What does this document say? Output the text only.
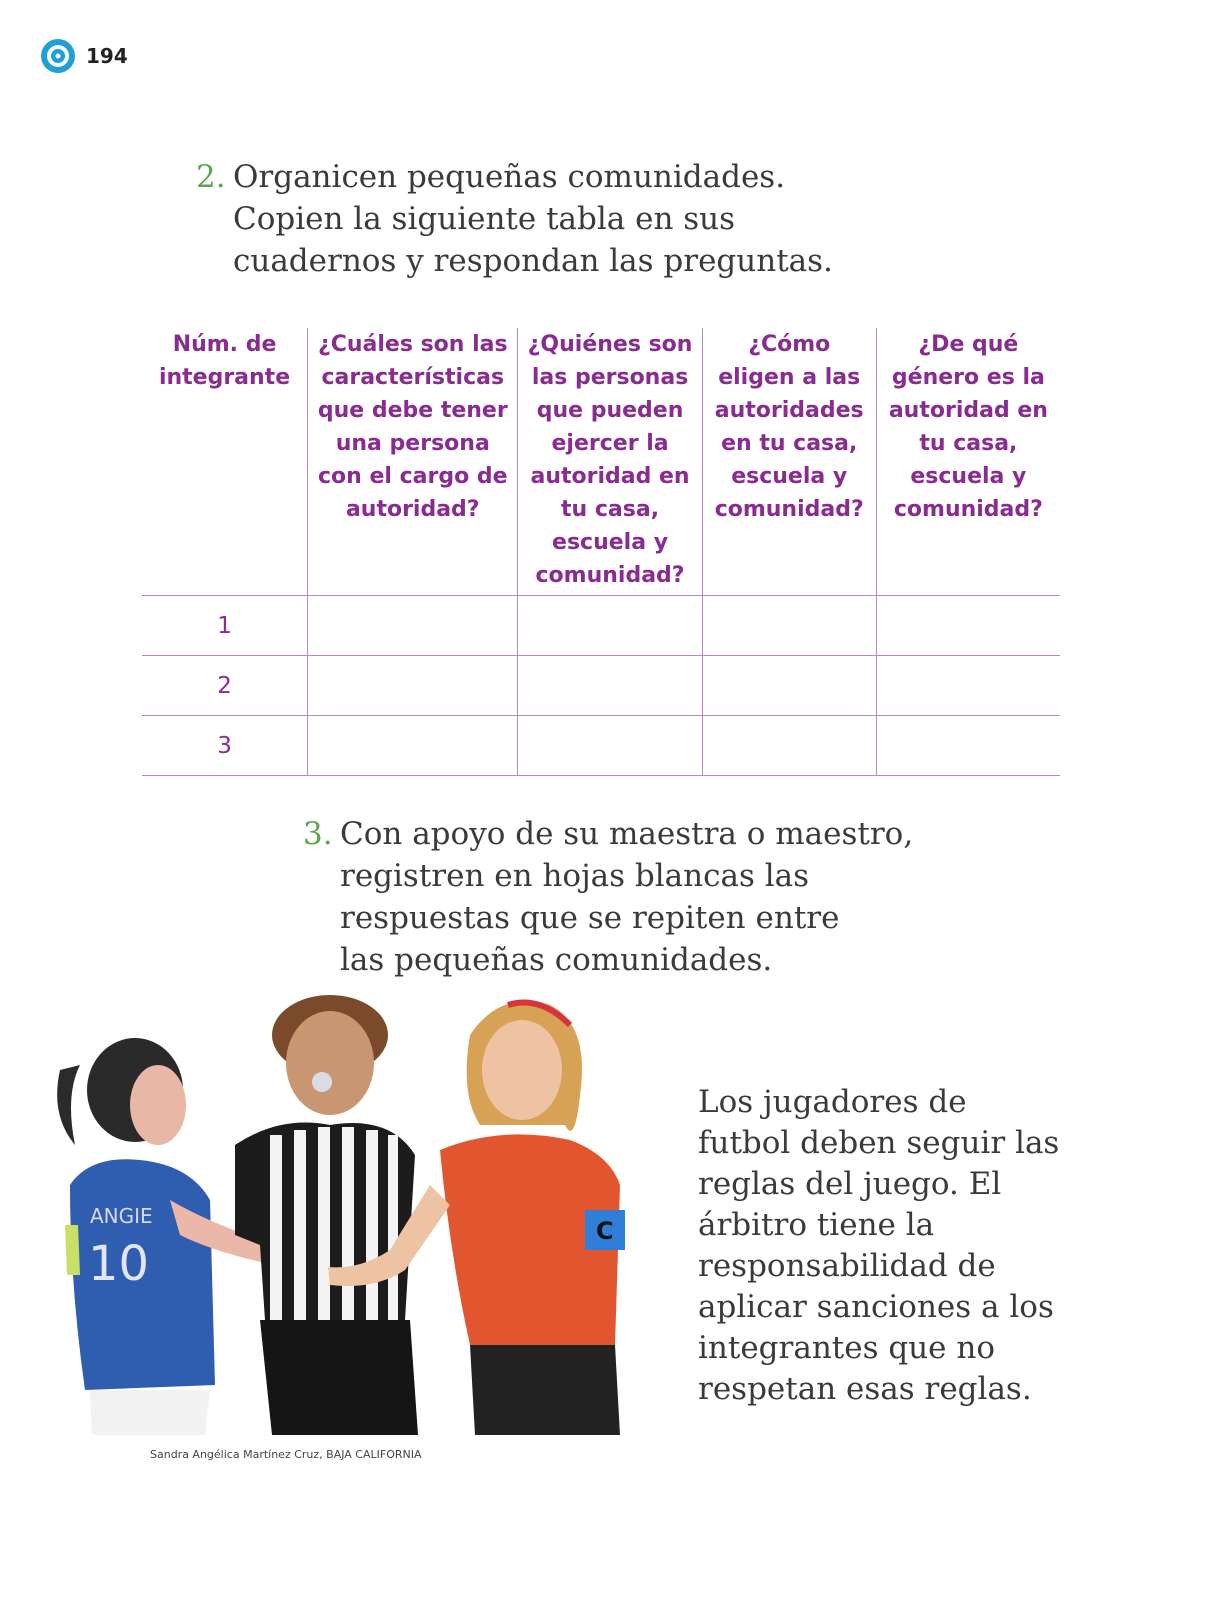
194
2. Organicen pequeñas comunidades.
Copien la siguiente tabla en sus
cuadernos y respondan las preguntas.
Núm. de integrante	¿Cuáles son las características que debe tener una persona con el cargo de autoridad?	¿Quiénes son las personas que pueden ejercer la autoridad en tu casa, escuela y comunidad?	¿Cómo eligen a las autoridades en tu casa, escuela y comunidad?	¿De qué género es la autoridad en tu casa, escuela y comunidad?
1				
2				
3				
3. Con apoyo de su maestra o maestro,
registren en hojas blancas las
respuestas que se repiten entre
las pequeñas comunidades.
ANGIE
10
C
Los jugadores de futbol deben seguir las reglas del juego. El árbitro tiene la responsabilidad de aplicar sanciones a los integrantes que no respetan esas reglas.
Sandra Angélica Martínez Cruz, BAJA CALIFORNIA
